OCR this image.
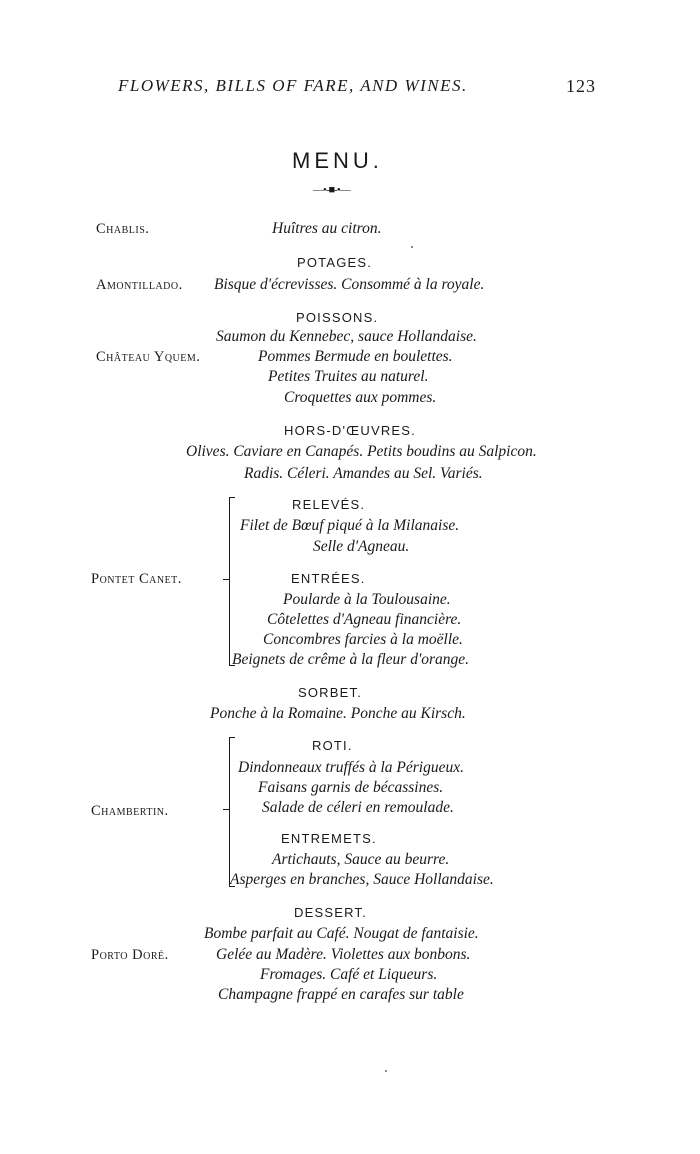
FLOWERS, BILLS OF FARE, AND WINES.	123
MENU.
—•-■-•—
Chablis.	Huîtres au citron.
POTAGES.
Amontillado. Bisque d'écrevisses. Consommé à la royale.
POISSONS.
Saumon du Kennebec, sauce Hollandaise.
Château Yquem.	Pommes Bermude en boulettes.
Petites Truites au naturel.
Croquettes aux pommes.
HORS-D'ŒUVRES.
Olives. Caviare en Canapés. Petits boudins au Salpicon.
Radis. Céleri. Amandes au Sel. Variés.
Pontet Canet.
RELEVÉS.
Filet de Bœuf piqué à la Milanaise.
Selle d'Agneau.
ENTRÉES.
Poularde à la Toulousaine.
Côtelettes d'Agneau financière.
Concombres farcies à la moëlle.
Beignets de crême à la fleur d'orange.
SORBET.
Ponche à la Romaine. Ponche au Kirsch.
Chambertin.
ROTI.
Dindonneaux truffés à la Périgueux.
Faisans garnis de bécassines.
Salade de céleri en remoulade.
ENTREMETS.
Artichauts, Sauce au beurre.
Asperges en branches, Sauce Hollandaise.
DESSERT.
Bombe parfait au Café. Nougat de fantaisie.
Porto Doré.	Gelée au Madère. Violettes aux bonbons.
Fromages. Café et Liqueurs.
Champagne frappé en carafes sur table
